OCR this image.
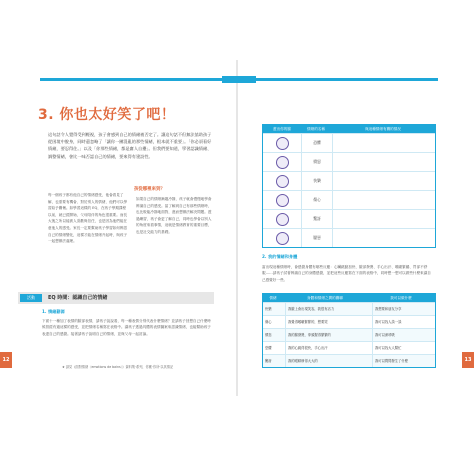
3. 你也太好笑了吧！
這句話令人覺得受到輕視，孩子會感到自己的情緒被否定了。讓這句話不但無法協助孩子從困境中脫身，同時還忽略了「讓你一團混亂的那些情緒，根本就不重要」。「你必須看好情緒，要忍得住。」以及「你那些情緒，都是庸人自擾」。但我們要知道，學習認識情緒、調整情緒，會比一味否認自己的情緒，要來得有建設性。
每一個孩子都有他自己的情緒感受，他會看見了解，也需要有機會、對於別人的情緒，他們可以學習給予關懷。如學習這樣的 EQ，在孩子學期課程以前，就已經開始，父母陪伴的角色很重要。而長大後之所以能被人喜歡與信任，也是因為他們能在意他人的感受。家長一定要幫助孩子學習如何辨認自己的情緒變化，這樣才能在情緒升起時，與孩子一起想辦法處理。
孩從哪裡來到？
如果自己的情緒漸趨冷靜，孩子就會慢慢地學會辨識自己的感受。當了解到自己有那些情緒時，也比較能冷靜地面對，進而想辦法解決問題。透過練習，孩子會更了解自己，同時也學會以別人的角度來看事情，這就是情緒教育的重要目標，也是社交能力的基礎。
活動	EQ 時間：認識自己的情緒
1. 情緒辭源
下面十一種加了表情的臉部表情，請孩子說說看，每一種表情分別代表什麼情緒？並請孩子回想自己什麼時候曾經有過這樣的感受，並把情緒名稱寫在表格中。讓孩子透過具體的表情圖案來認識情緒，也能幫助孩子表達自己的感覺。接著請孩子說明自己的情緒，並與父母一起討論。
★ 請見《面對情緒〈emotions de bains〉》資料集‧系列，你應‧你所‧以其情記
12
畫出你的臉	情緒的名稱	與這種情緒有關的情況
恐懼
憤怒
快樂
傷心
驚訝
厭惡
2. 我的情緒和身體
當出現這種情緒時，會感覺身體有哪些反應：心臟跳動加快、臉部發燙、手心出汗、喉嚨緊繃、胃部不舒服……請孩子試著辨識自己的身體感覺，並把這些反應寫在下面的表格中，同時想一想可以做些什麼來讓自己感覺好一些。
情緒	身體和情緒之間的關聯	我可以做什麼
快樂	我臉上會出現笑容，我很有活力	我想要和朋友分享
傷心	我覺得喉嚨緊緊的，想要哭	我可以找人談一談
憤怒	我的臉發燙，拳頭握得緊緊的	我可以深呼吸
恐懼	我的心跳得很快，手心出汗	我可以找大人幫忙
驚訝	我的眼睛睜得大大的	我可以問問發生了什麼	13
